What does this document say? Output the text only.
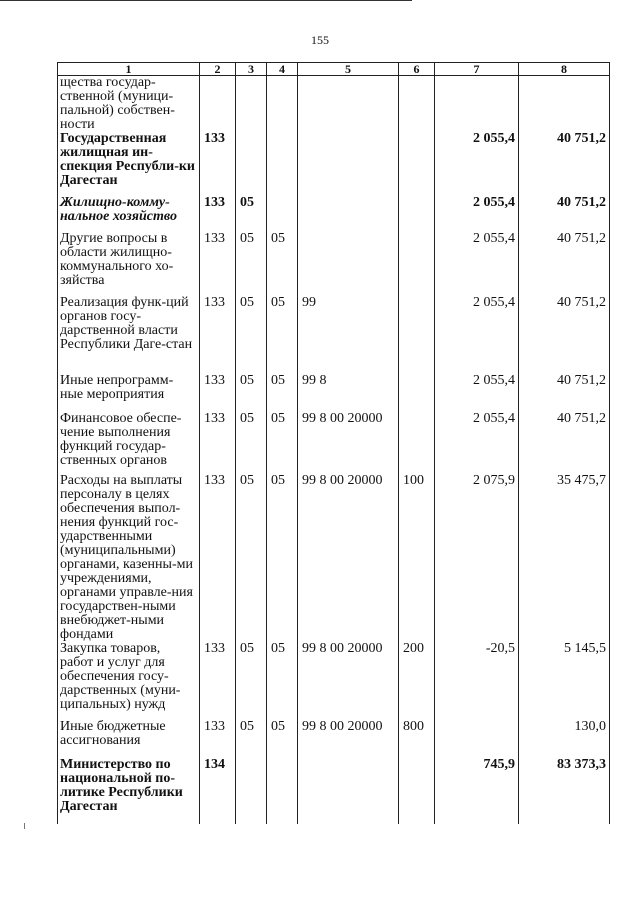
155
1	2	3	4	5	6	7	8
щества государ-ственной (муници-пальной) собствен-ности							
Государственная жилищная ин-спекция Республи-ки Дагестан	133					2 055,4	40 751,2
Жилищно-комму-нальное хозяйство	133	05				2 055,4	40 751,2
Другие вопросы в области жилищно-коммунального хо-зяйства	133	05	05			2 055,4	40 751,2
Реализация функ-ций органов госу-дарственной власти Республики Даге-стан	133	05	05	99		2 055,4	40 751,2
Иные непрограмм-ные мероприятия	133	05	05	99 8		2 055,4	40 751,2
Финансовое обеспе-чение выполнения функций государ-ственных органов	133	05	05	99 8 00 20000		2 055,4	40 751,2
Расходы на выплаты персоналу в целях обеспечения выпол-нения функций гос-ударственными (муниципальными) органами, казенны-ми учреждениями, органами управле-ния государствен-ными внебюджет-ными фондами	133	05	05	99 8 00 20000	100	2 075,9	35 475,7
Закупка товаров, работ и услуг для обеспечения госу-дарственных (муни-ципальных) нужд	133	05	05	99 8 00 20000	200	-20,5	5 145,5
Иные бюджетные ассигнования	133	05	05	99 8 00 20000	800		130,0
Министерство по национальной по-литике Республики Дагестан	134					745,9	83 373,3
